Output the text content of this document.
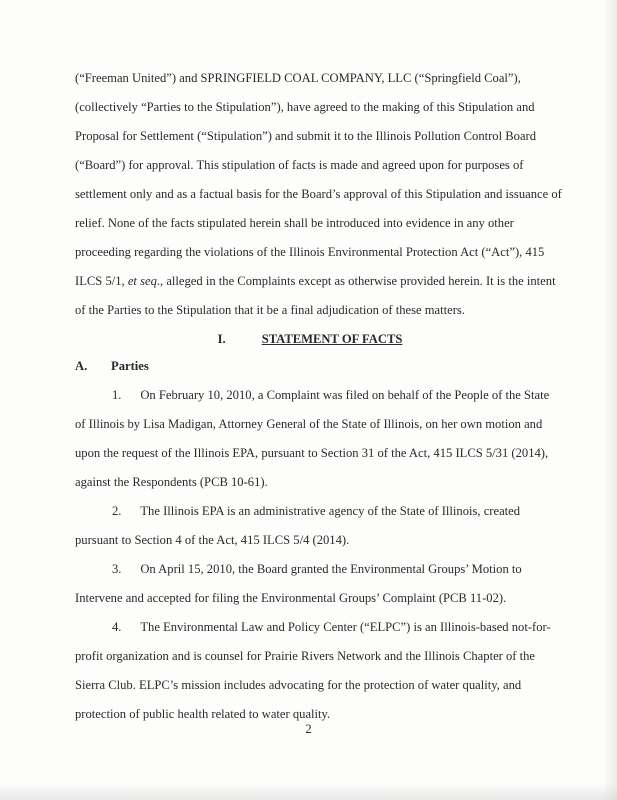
(“Freeman United”) and SPRINGFIELD COAL COMPANY, LLC (“Springfield Coal”),
(collectively “Parties to the Stipulation”), have agreed to the making of this Stipulation and
Proposal for Settlement (“Stipulation”) and submit it to the Illinois Pollution Control Board
(“Board”) for approval. This stipulation of facts is made and agreed upon for purposes of
settlement only and as a factual basis for the Board’s approval of this Stipulation and issuance of
relief. None of the facts stipulated herein shall be introduced into evidence in any other
proceeding regarding the violations of the Illinois Environmental Protection Act (“Act”), 415
ILCS 5/1, et seq., alleged in the Complaints except as otherwise provided herein. It is the intent
of the Parties to the Stipulation that it be a final adjudication of these matters.
I.	STATEMENT OF FACTS
A. Parties
1.      On February 10, 2010, a Complaint was filed on behalf of the People of the State
of Illinois by Lisa Madigan, Attorney General of the State of Illinois, on her own motion and
upon the request of the Illinois EPA, pursuant to Section 31 of the Act, 415 ILCS 5/31 (2014),
against the Respondents (PCB 10-61).
2.      The Illinois EPA is an administrative agency of the State of Illinois, created
pursuant to Section 4 of the Act, 415 ILCS 5/4 (2014).
3.      On April 15, 2010, the Board granted the Environmental Groups’ Motion to
Intervene and accepted for filing the Environmental Groups’ Complaint (PCB 11-02).
4.      The Environmental Law and Policy Center (“ELPC”) is an Illinois-based not-for-
profit organization and is counsel for Prairie Rivers Network and the Illinois Chapter of the
Sierra Club. ELPC’s mission includes advocating for the protection of water quality, and
protection of public health related to water quality.
2
